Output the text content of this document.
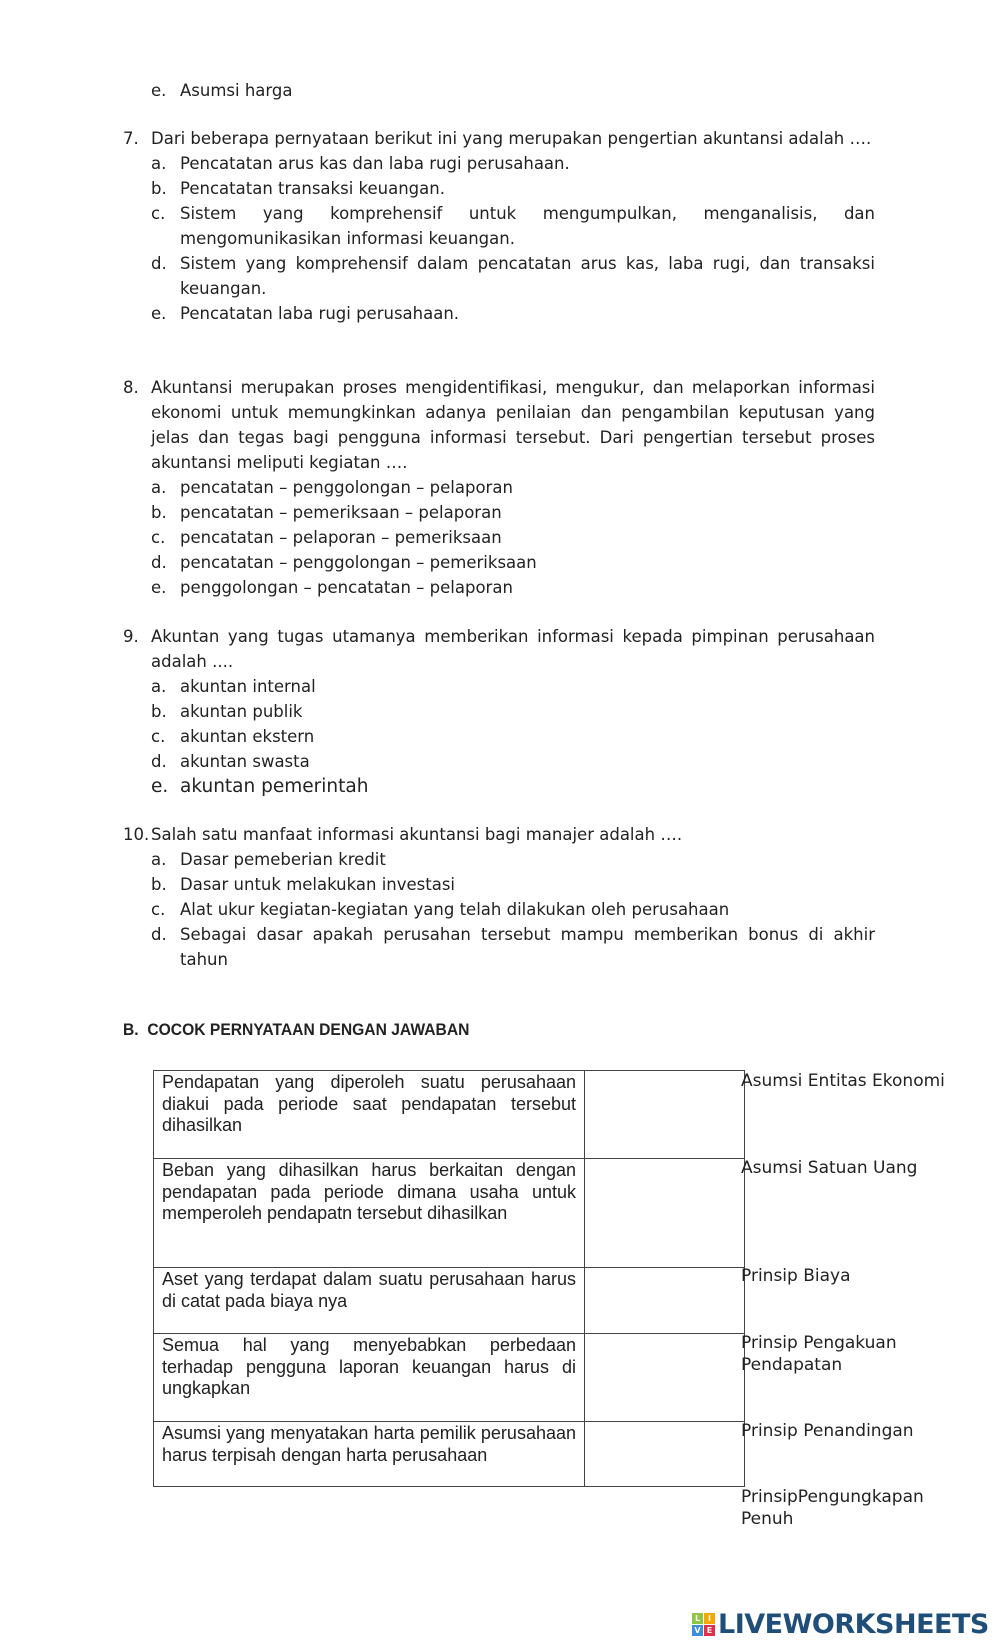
e. Asumsi harga
7. Dari beberapa pernyataan berikut ini yang merupakan pengertian akuntansi adalah ….
a. Pencatatan arus kas dan laba rugi perusahaan.
b. Pencatatan transaksi keuangan.
c. Sistem yang komprehensif untuk mengumpulkan, menganalisis, dan mengomunikasikan informasi keuangan.
d. Sistem yang komprehensif dalam pencatatan arus kas, laba rugi, dan transaksi keuangan.
e. Pencatatan laba rugi perusahaan.
8. Akuntansi merupakan proses mengidentifikasi, mengukur, dan melaporkan informasi ekonomi untuk memungkinkan adanya penilaian dan pengambilan keputusan yang jelas dan tegas bagi pengguna informasi tersebut. Dari pengertian tersebut proses akuntansi meliputi kegiatan ….
a. pencatatan – penggolongan – pelaporan
b. pencatatan – pemeriksaan – pelaporan
c. pencatatan – pelaporan – pemeriksaan
d. pencatatan – penggolongan – pemeriksaan
e. penggolongan – pencatatan – pelaporan
9. Akuntan yang tugas utamanya memberikan informasi kepada pimpinan perusahaan adalah ....
a. akuntan internal
b. akuntan publik
c. akuntan ekstern
d. akuntan swasta
e. akuntan pemerintah
10. Salah satu manfaat informasi akuntansi bagi manajer adalah ….
a. Dasar pemeberian kredit
b. Dasar untuk melakukan investasi
c. Alat ukur kegiatan-kegiatan yang telah dilakukan oleh perusahaan
d. Sebagai dasar apakah perusahan tersebut mampu memberikan bonus di akhir tahun
B.  COCOK PERNYATAAN DENGAN JAWABAN
Pendapatan yang diperoleh suatu perusahaan diakui pada periode saat pendapatan tersebut dihasilkan	
Beban yang dihasilkan harus berkaitan dengan pendapatan pada periode dimana usaha untuk memperoleh pendapatn tersebut dihasilkan	
Aset yang terdapat dalam suatu perusahaan harus di catat pada biaya nya	
Semua hal yang menyebabkan perbedaan terhadap pengguna laporan keuangan harus di ungkapkan	
Asumsi yang menyatakan harta pemilik perusahaan harus terpisah dengan harta perusahaan	
Asumsi Entitas Ekonomi
Asumsi Satuan Uang
Prinsip Biaya
Prinsip Pengakuan Pendapatan
Prinsip Penandingan
PrinsipPengungkapan Penuh
L I
V E LIVEWORKSHEETS
